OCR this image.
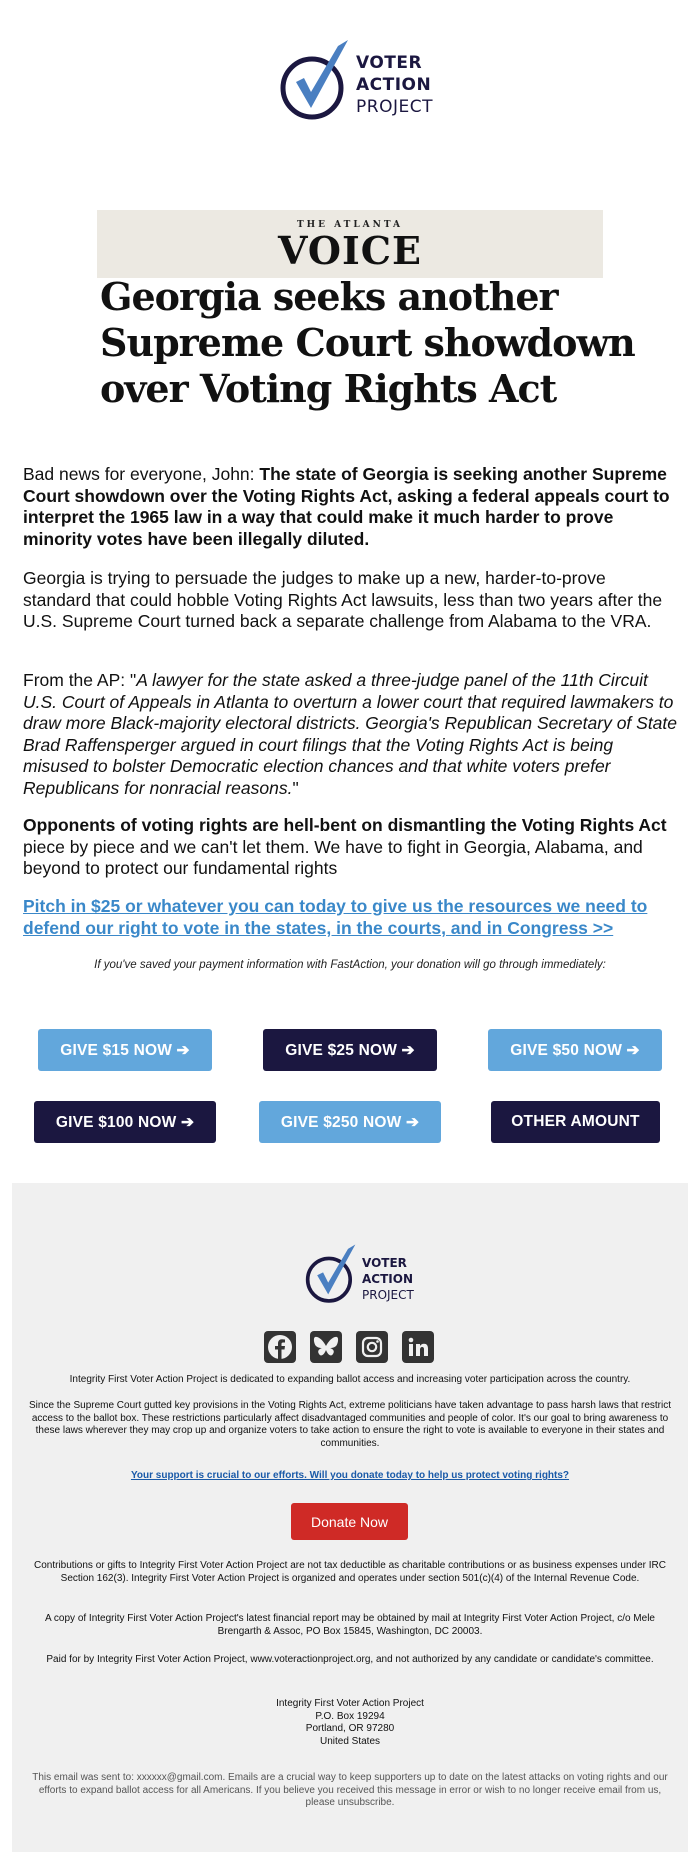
VOTER
ACTION
PROJECT
THE ATLANTA
VOICE
Georgia seeks another Supreme Court showdown over Voting Rights Act

Bad news for everyone, John: The state of Georgia is seeking another Supreme Court showdown over the Voting Rights Act, asking a federal appeals court to interpret the 1965 law in a way that could make it much harder to prove minority votes have been illegally diluted.

Georgia is trying to persuade the judges to make up a new, harder-to-prove standard that could hobble Voting Rights Act lawsuits, less than two years after the U.S. Supreme Court turned back a separate challenge from Alabama to the VRA.

From the AP: "A lawyer for the state asked a three-judge panel of the 11th Circuit U.S. Court of Appeals in Atlanta to overturn a lower court that required lawmakers to draw more Black-majority electoral districts. Georgia's Republican Secretary of State Brad Raffensperger argued in court filings that the Voting Rights Act is being misused to bolster Democratic election chances and that white voters prefer Republicans for nonracial reasons."

Opponents of voting rights are hell-bent on dismantling the Voting Rights Act piece by piece and we can't let them. We have to fight in Georgia, Alabama, and beyond to protect our fundamental rights

Pitch in $25 or whatever you can today to give us the resources we need to defend our right to vote in the states, in the courts, and in Congress >>
If you've saved your payment information with FastAction, your donation will go through immediately:
GIVE $15 NOW ➔	GIVE $25 NOW ➔	GIVE $50 NOW ➔
GIVE $100 NOW ➔	GIVE $250 NOW ➔	OTHER AMOUNT
VOTER
ACTION
PROJECT

Integrity First Voter Action Project is dedicated to expanding ballot access and increasing voter participation across the country.

Since the Supreme Court gutted key provisions in the Voting Rights Act, extreme politicians have taken advantage to pass harsh laws that restrict access to the ballot box. These restrictions particularly affect disadvantaged communities and people of color. It's our goal to bring awareness to these laws wherever they may crop up and organize voters to take action to ensure the right to vote is available to everyone in their states and communities.

Your support is crucial to our efforts. Will you donate today to help us protect voting rights?

Donate Now

Contributions or gifts to Integrity First Voter Action Project are not tax deductible as charitable contributions or as business expenses under IRC Section 162(3). Integrity First Voter Action Project is organized and operates under section 501(c)(4) of the Internal Revenue Code.

A copy of Integrity First Voter Action Project's latest financial report may be obtained by mail at Integrity First Voter Action Project, c/o Mele Brengarth & Assoc, PO Box 15845, Washington, DC 20003.

Paid for by Integrity First Voter Action Project, www.voteractionproject.org, and not authorized by any candidate or candidate's committee.

Integrity First Voter Action Project
P.O. Box 19294
Portland, OR 97280
United States

This email was sent to: xxxxxx@gmail.com. Emails are a crucial way to keep supporters up to date on the latest attacks on voting rights and our efforts to expand ballot access for all Americans. If you believe you received this message in error or wish to no longer receive email from us, please unsubscribe.
